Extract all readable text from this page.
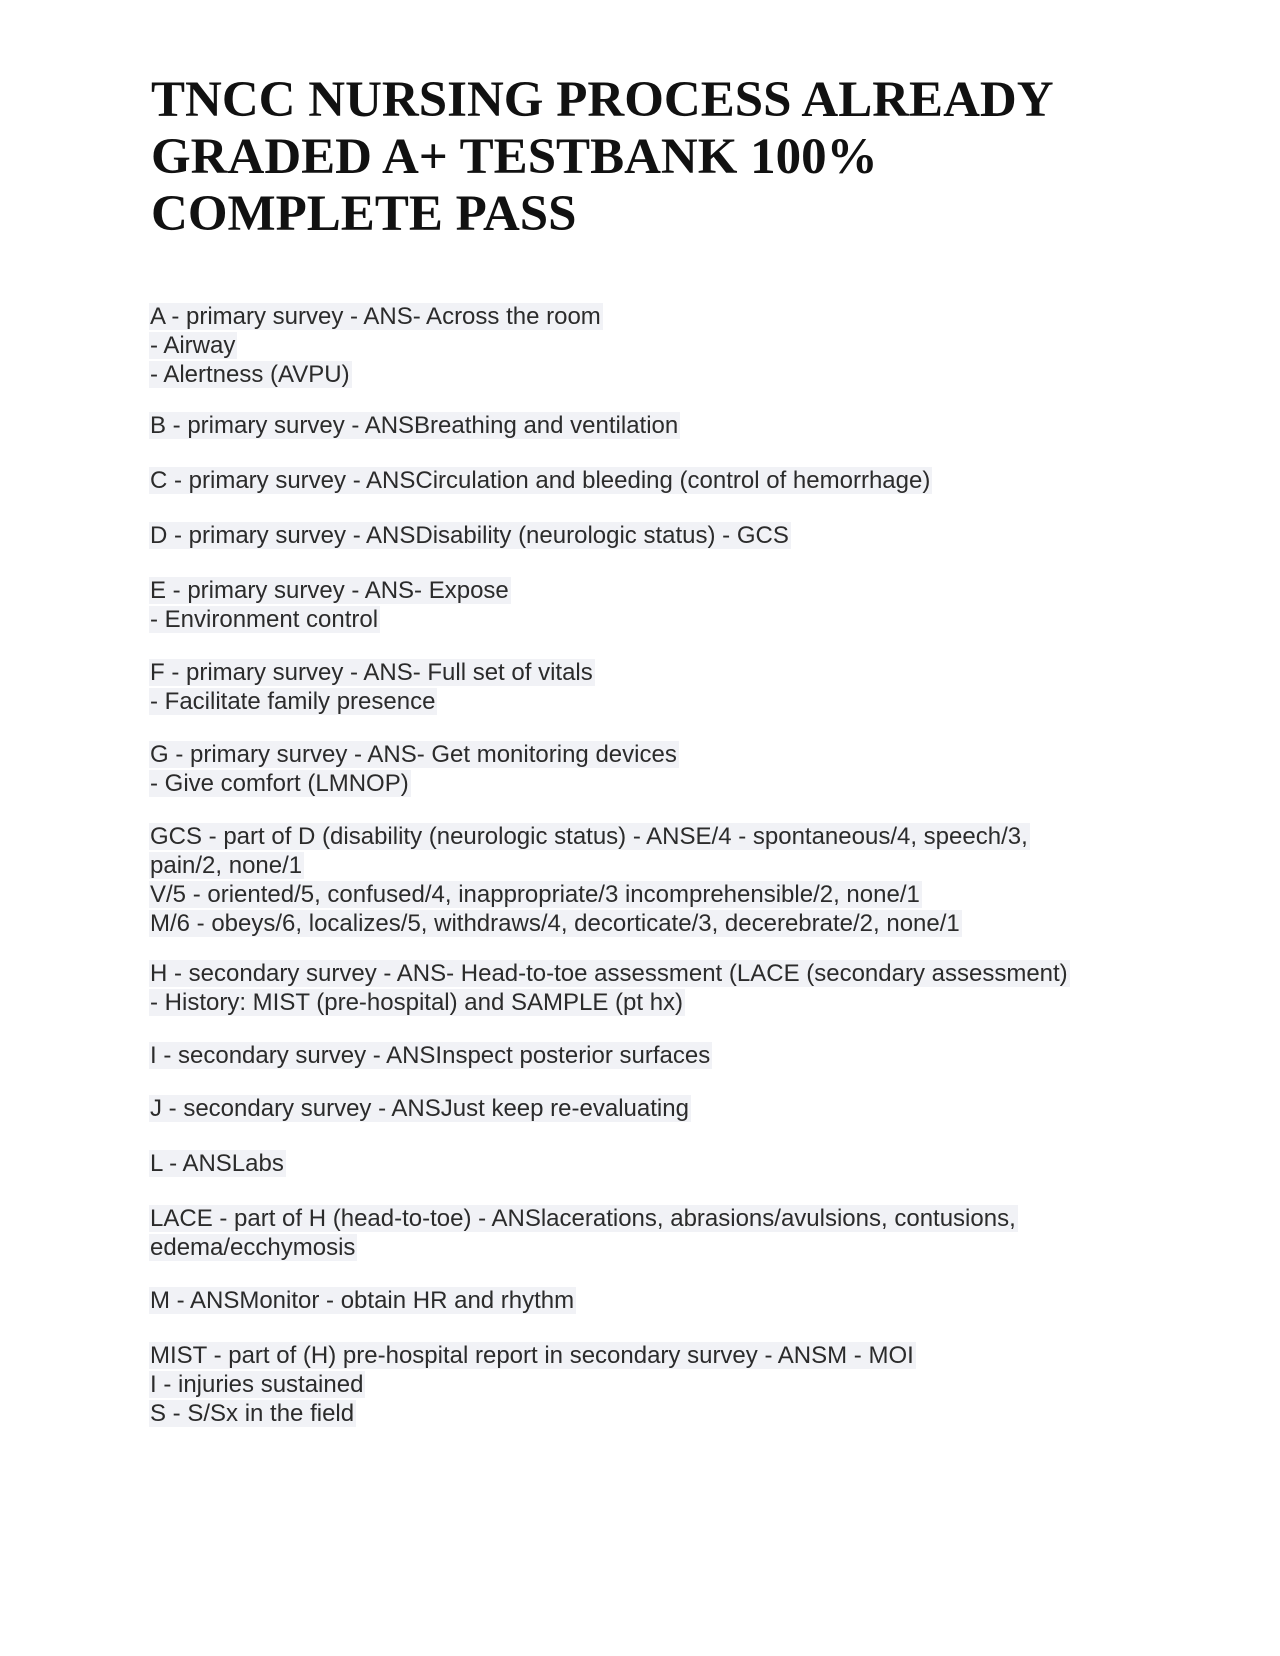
TNCC NURSING PROCESS ALREADY
GRADED A+ TESTBANK 100%
COMPLETE PASS
A - primary survey - ANS- Across the room
- Airway
- Alertness (AVPU)
B - primary survey - ANSBreathing and ventilation
C - primary survey - ANSCirculation and bleeding (control of hemorrhage)
D - primary survey - ANSDisability (neurologic status) - GCS
E - primary survey - ANS- Expose
- Environment control
F - primary survey - ANS- Full set of vitals
- Facilitate family presence
G - primary survey - ANS- Get monitoring devices
- Give comfort (LMNOP)
GCS - part of D (disability (neurologic status) - ANSE/4 - spontaneous/4, speech/3,
pain/2, none/1
V/5 - oriented/5, confused/4, inappropriate/3 incomprehensible/2, none/1
M/6 - obeys/6, localizes/5, withdraws/4, decorticate/3, decerebrate/2, none/1
H - secondary survey - ANS- Head-to-toe assessment (LACE (secondary assessment)
- History: MIST (pre-hospital) and SAMPLE (pt hx)
I - secondary survey - ANSInspect posterior surfaces
J - secondary survey - ANSJust keep re-evaluating
L - ANSLabs
LACE - part of H (head-to-toe) - ANSlacerations, abrasions/avulsions, contusions,
edema/ecchymosis
M - ANSMonitor - obtain HR and rhythm
MIST - part of (H) pre-hospital report in secondary survey - ANSM - MOI
I - injuries sustained
S - S/Sx in the field
